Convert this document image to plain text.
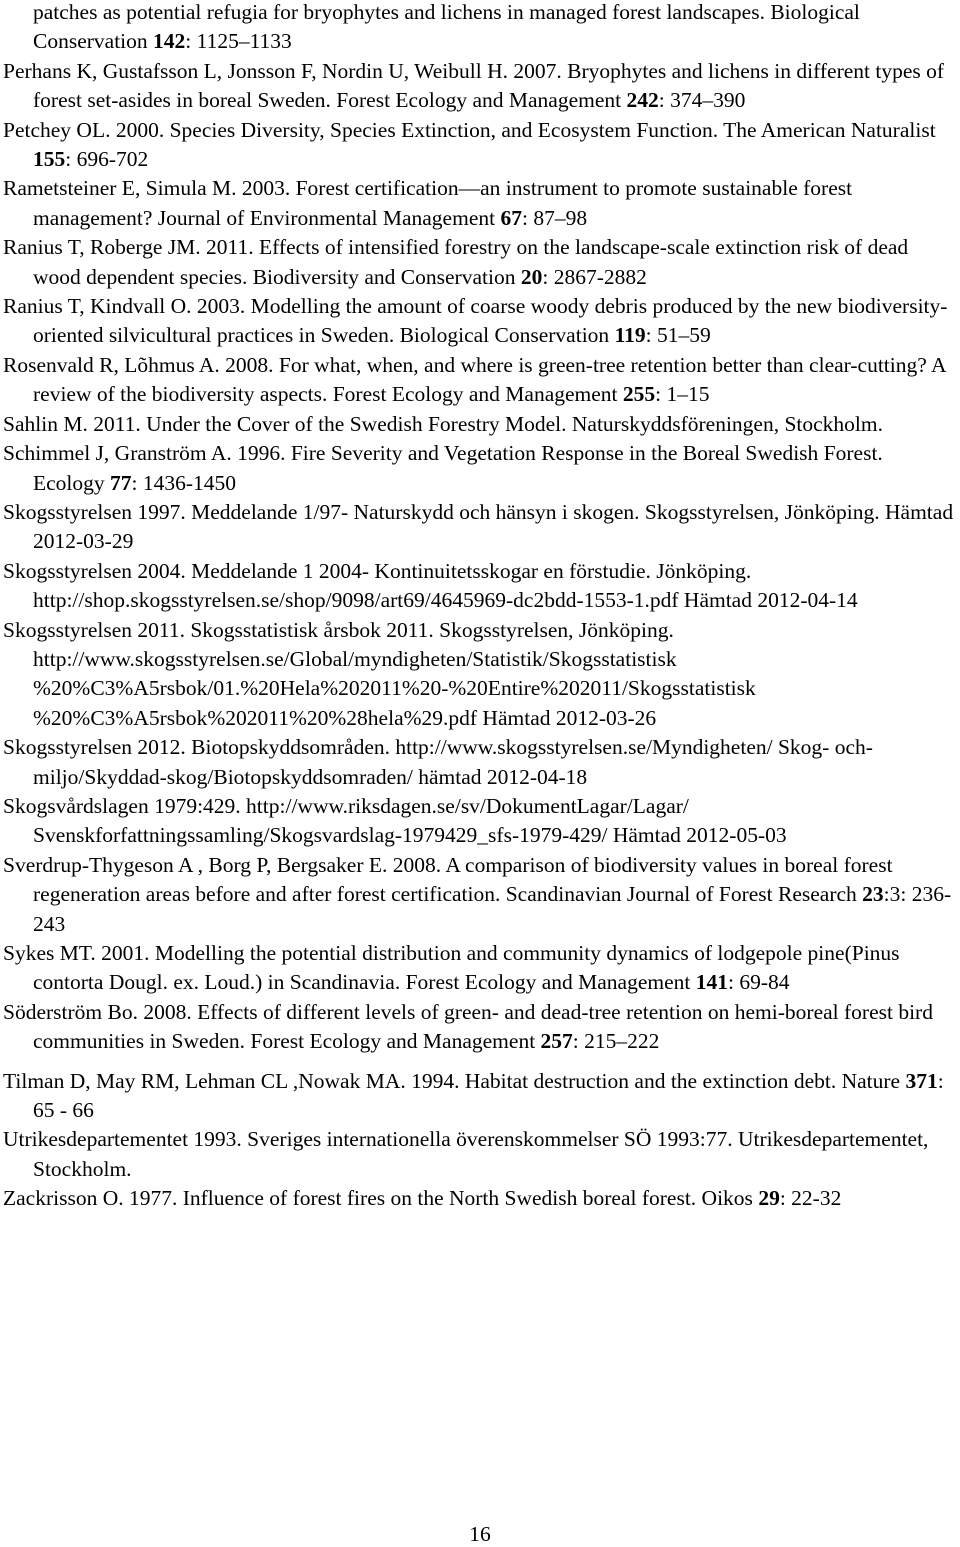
patches as potential refugia for bryophytes and lichens in managed forest landscapes. Biological Conservation 142: 1125–1133

Perhans K, Gustafsson L, Jonsson F, Nordin U, Weibull H. 2007. Bryophytes and lichens in different types of forest set-asides in boreal Sweden. Forest Ecology and Management 242: 374–390

Petchey OL. 2000. Species Diversity, Species Extinction, and Ecosystem Function. The American Naturalist 155: 696-702

Rametsteiner E, Simula M. 2003. Forest certification—an instrument to promote sustainable forest management? Journal of Environmental Management 67: 87–98

Ranius T, Roberge JM. 2011. Effects of intensified forestry on the landscape-scale extinction risk of dead wood dependent species. Biodiversity and Conservation 20: 2867-2882

Ranius T, Kindvall O. 2003. Modelling the amount of coarse woody debris produced by the new biodiversity-oriented silvicultural practices in Sweden. Biological Conservation 119: 51–59

Rosenvald R, Lõhmus A. 2008. For what, when, and where is green-tree retention better than clear-cutting? A review of the biodiversity aspects. Forest Ecology and Management 255: 1–15

Sahlin M. 2011. Under the Cover of the Swedish Forestry Model. Naturskyddsföreningen, Stockholm.

Schimmel J, Granström A. 1996. Fire Severity and Vegetation Response in the Boreal Swedish Forest. Ecology 77: 1436-1450

Skogsstyrelsen 1997. Meddelande 1/97- Naturskydd och hänsyn i skogen. Skogsstyrelsen, Jönköping. Hämtad 2012-03-29

Skogsstyrelsen 2004. Meddelande 1 2004- Kontinuitetsskogar en förstudie. Jönköping. http://shop.skogsstyrelsen.se/shop/9098/art69/4645969-dc2bdd-1553-1.pdf Hämtad 2012-04-14

Skogsstyrelsen 2011. Skogsstatistisk årsbok 2011. Skogsstyrelsen, Jönköping. http://www.skogsstyrelsen.se/Global/myndigheten/Statistik/Skogsstatistisk %20%C3%A5rsbok/01.%20Hela%202011%20-%20Entire%202011/Skogsstatistisk %20%C3%A5rsbok%202011%20%28hela%29.pdf Hämtad 2012-03-26

Skogsstyrelsen 2012. Biotopskyddsområden. http://www.skogsstyrelsen.se/Myndigheten/ Skog- och-miljo/Skyddad-skog/Biotopskyddsomraden/ hämtad 2012-04-18

Skogsvårdslagen 1979:429. http://www.riksdagen.se/sv/DokumentLagar/Lagar/ Svenskforfattningssamling/Skogsvardslag-1979429_sfs-1979-429/ Hämtad 2012-05-03

Sverdrup-Thygeson A , Borg P, Bergsaker E. 2008. A comparison of biodiversity values in boreal forest regeneration areas before and after forest certification. Scandinavian Journal of Forest Research 23:3: 236-243

Sykes MT. 2001. Modelling the potential distribution and community dynamics of lodgepole pine(Pinus contorta Dougl. ex. Loud.) in Scandinavia. Forest Ecology and Management 141: 69-84

Söderström Bo. 2008. Effects of different levels of green- and dead-tree retention on hemi-boreal forest bird communities in Sweden. Forest Ecology and Management 257: 215–222

Tilman D, May RM, Lehman CL ,Nowak MA. 1994. Habitat destruction and the extinction debt. Nature 371: 65 - 66

Utrikesdepartementet 1993. Sveriges internationella överenskommelser SÖ 1993:77. Utrikesdepartementet, Stockholm.

Zackrisson O. 1977. Influence of forest fires on the North Swedish boreal forest. Oikos 29: 22-32

16
